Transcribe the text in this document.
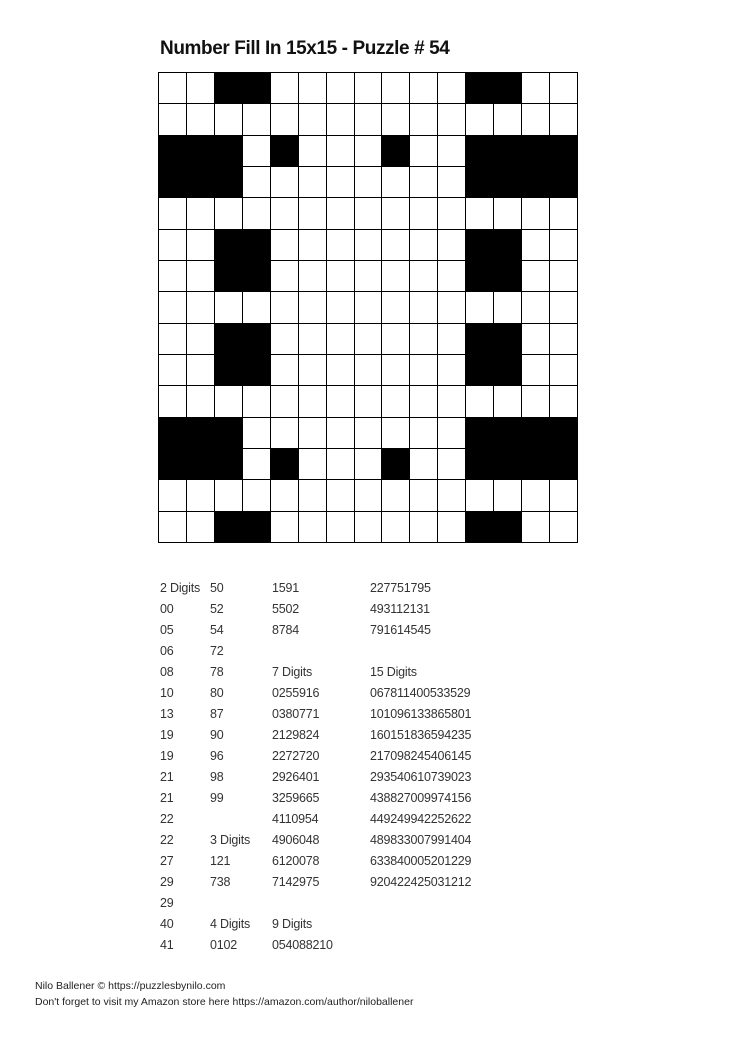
Number Fill In 15x15 - Puzzle # 54
2 Digits
00
05
06
08
10
13
19
19
21
21
22
22
27
29
29
40
41
50
52
54
72
78
80
87
90
96
98
99
3 Digits
121
738
4 Digits
0102
1591
5502
8784
7 Digits
0255916
0380771
2129824
2272720
2926401
3259665
4110954
4906048
6120078
7142975
9 Digits
054088210
227751795
493112131
791614545
15 Digits
067811400533529
101096133865801
160151836594235
217098245406145
293540610739023
438827009974156
449249942252622
489833007991404
633840005201229
920422425031212
Nilo Ballener © https://puzzlesbynilo.com
Don't forget to visit my Amazon store here https://amazon.com/author/niloballener
